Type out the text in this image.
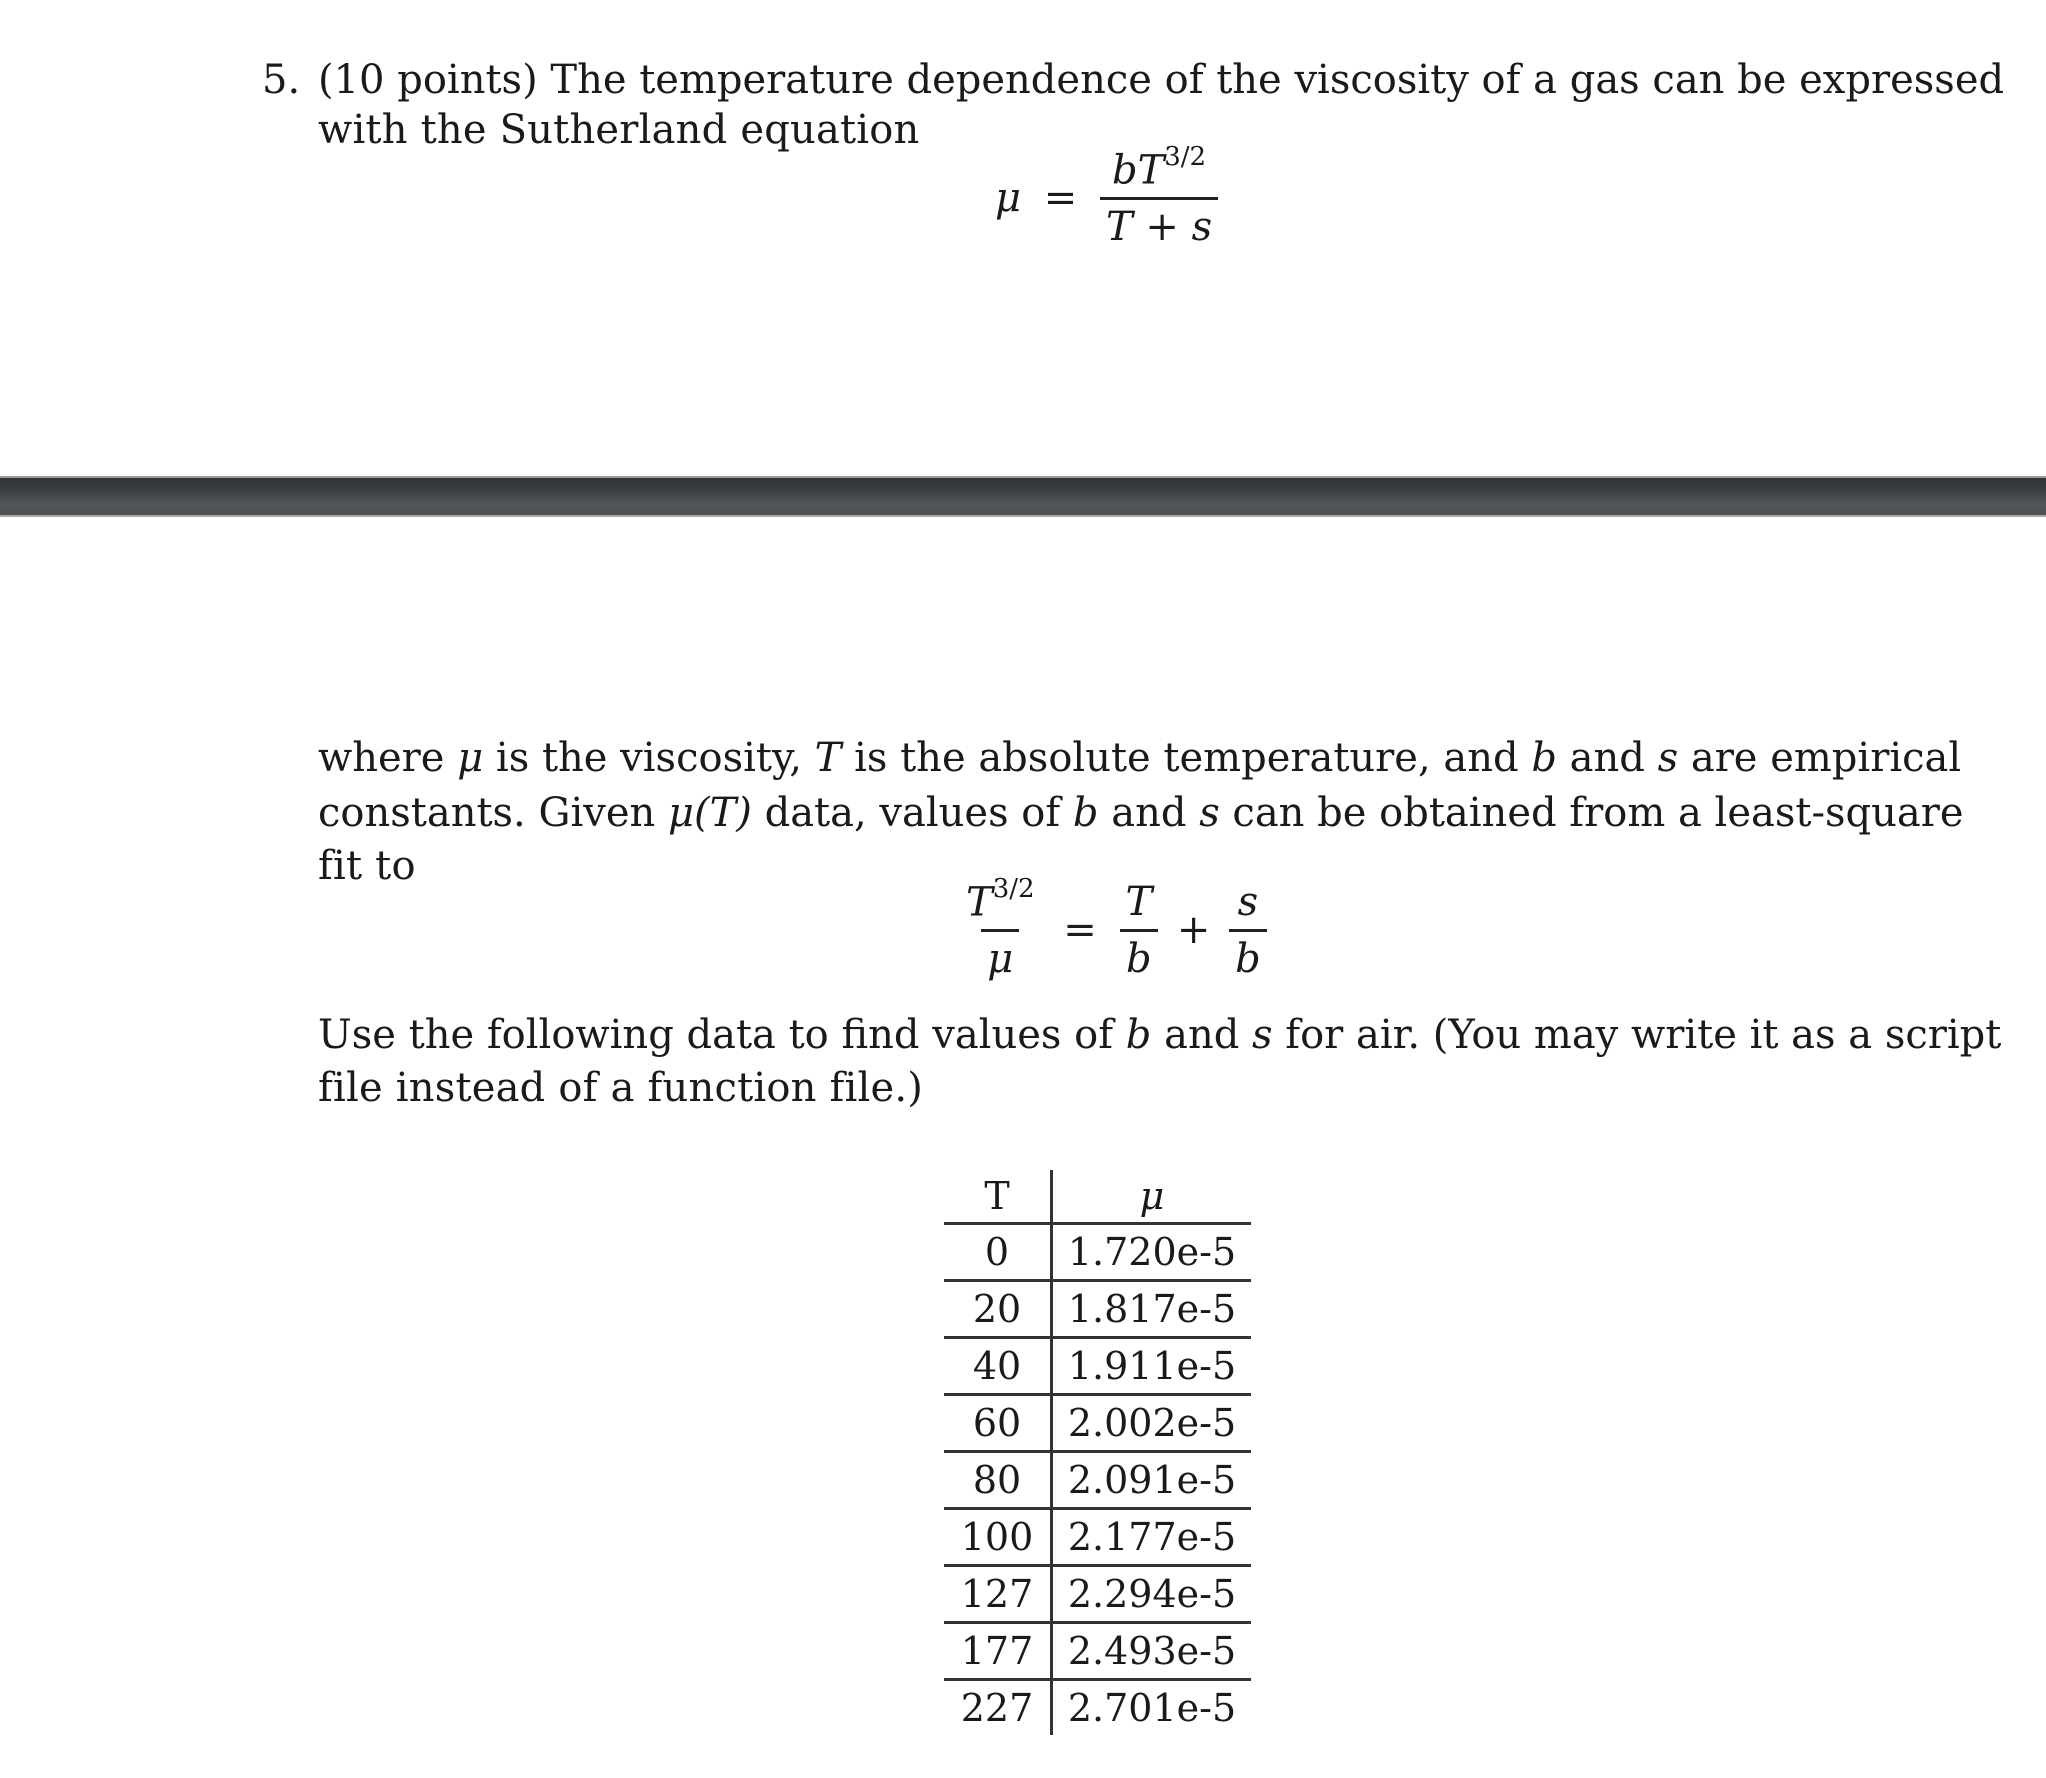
5. (10 points) The temperature dependence of the viscosity of a gas can be expressed
with the Sutherland equation
$\mu = \frac{bT^{3/2}}{T + s}$
where μ is the viscosity, T is the absolute temperature, and b and s are empirical
constants. Given μ(T) data, values of b and s can be obtained from a least-square
fit to
$\frac{T^{3/2}}{\mu} = \frac{T}{b} + \frac{s}{b}$
Use the following data to find values of b and s for air. (You may write it as a script
file instead of a function file.)
T	μ
0	1.720e-5
20	1.817e-5
40	1.911e-5
60	2.002e-5
80	2.091e-5
100	2.177e-5
127	2.294e-5
177	2.493e-5
227	2.701e-5
